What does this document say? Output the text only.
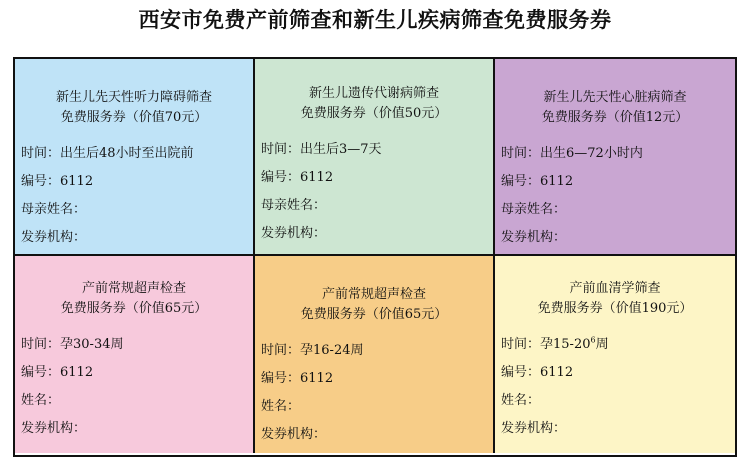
西安市免费产前筛查和新生儿疾病筛查免费服务券
新生儿先天性听力障碍筛查
免费服务券（价值70元）
时间：出生后48小时至出院前
编号：6112
母亲姓名：
发券机构：
新生儿遗传代谢病筛查
免费服务券（价值50元）
时间：出生后3—7天
编号：6112
母亲姓名：
发券机构：
新生儿先天性心脏病筛查
免费服务券（价值12元）
时间：出生6—72小时内
编号：6112
母亲姓名：
发券机构：
产前常规超声检查
免费服务券（价值65元）
时间：孕30-34周
编号：6112
姓名：
发券机构：
产前常规超声检查
免费服务券（价值65元）
时间：孕16-24周
编号：6112
姓名：
发券机构：
产前血清学筛查
免费服务券（价值190元）
时间：孕$15-20^6$周
编号：6112
姓名：
发券机构：
